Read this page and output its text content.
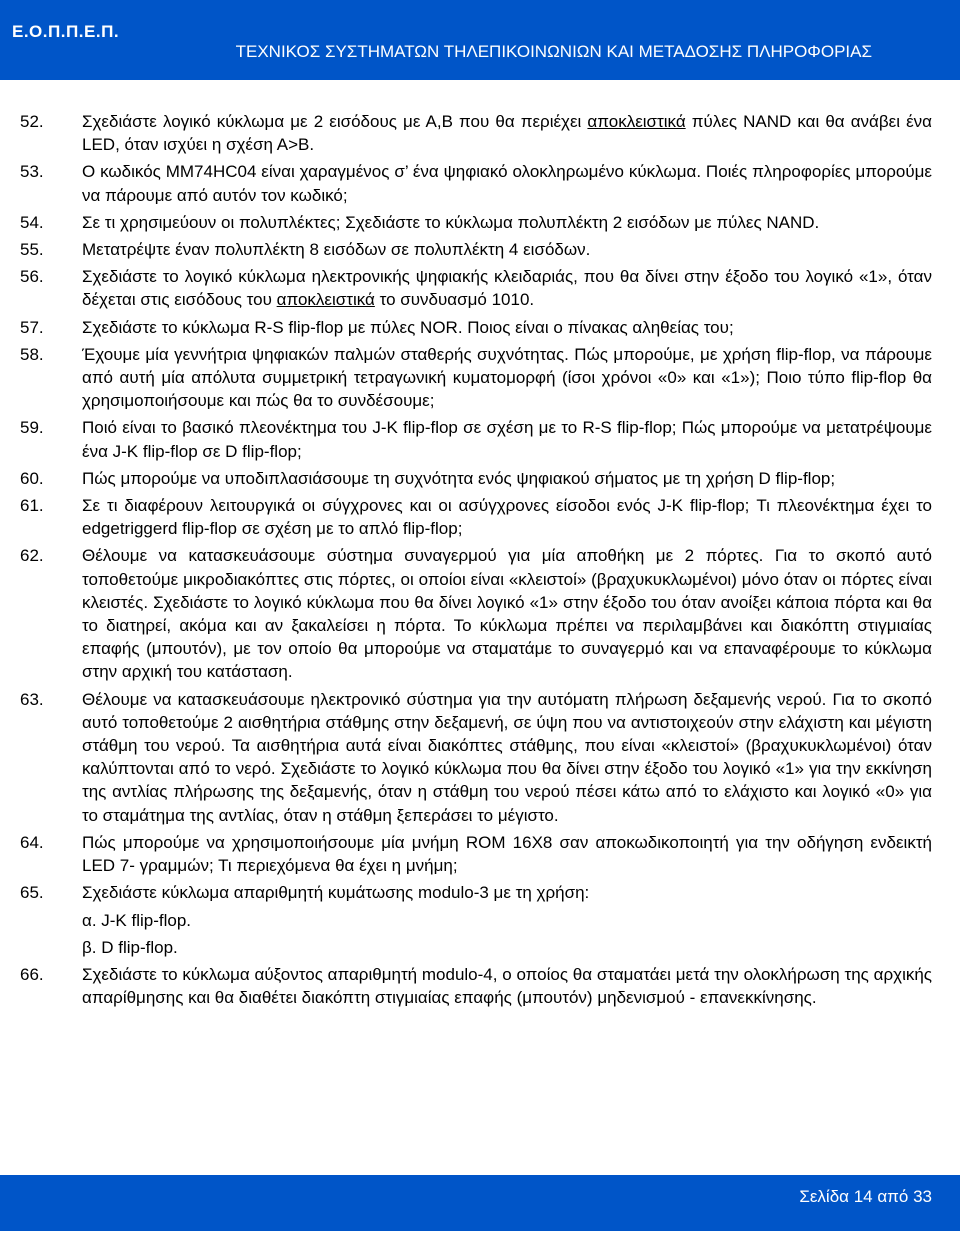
Ε.Ο.Π.Π.Ε.Π.
ΤΕΧΝΙΚΟΣ ΣΥΣΤΗΜΑΤΩΝ ΤΗΛΕΠΙΚΟΙΝΩΝΙΩΝ ΚΑΙ ΜΕΤΑΔΟΣΗΣ ΠΛΗΡΟΦΟΡΙΑΣ
52.	Σχεδιάστε λογικό κύκλωμα με 2 εισόδους με Α,Β που θα περιέχει αποκλειστικά πύλες NAND και θα ανάβει ένα LED, όταν ισχύει η σχέση Α>Β.
53.	Ο κωδικός MM74HC04 είναι χαραγμένος σ’ ένα ψηφιακό ολοκληρωμένο κύκλωμα. Ποιές πληροφορίες μπορούμε να πάρουμε από αυτόν τον κωδικό;
54.	Σε τι χρησιμεύουν οι πολυπλέκτες; Σχεδιάστε το κύκλωμα πολυπλέκτη 2 εισόδων με πύλες NAND.
55.	Μετατρέψτε έναν πολυπλέκτη 8 εισόδων σε πολυπλέκτη 4 εισόδων.
56.	Σχεδιάστε το λογικό κύκλωμα ηλεκτρονικής ψηφιακής κλειδαριάς, που θα δίνει στην έξοδο του λογικό «1», όταν δέχεται στις εισόδους του αποκλειστικά το συνδυασμό 1010.
57.	Σχεδιάστε το κύκλωμα R-S flip-flop με πύλες NOR. Ποιος είναι ο πίνακας αληθείας του;
58.	Έχουμε μία γεννήτρια ψηφιακών παλμών σταθερής συχνότητας. Πώς μπορούμε, με χρήση flip-flop, να πάρουμε από αυτή μία απόλυτα συμμετρική τετραγωνική κυματομορφή (ίσοι χρόνοι «0» και «1»); Ποιο τύπο flip-flop θα χρησιμοποιήσουμε και πώς θα το συνδέσουμε;
59.	Ποιό είναι το βασικό πλεονέκτημα του J-K flip-flop σε σχέση με το R-S flip-flop; Πώς μπορούμε να μετατρέψουμε ένα J-K flip-flop σε D flip-flop;
60.	Πώς μπορούμε να υποδιπλασιάσουμε τη συχνότητα ενός ψηφιακού σήματος με τη χρήση D flip-flop;
61.	Σε τι διαφέρουν λειτουργικά οι σύγχρονες και οι ασύγχρονες είσοδοι ενός J-K flip-flop; Τι πλεονέκτημα έχει το edgetriggerd flip-flop σε σχέση με το απλό flip-flop;
62.	Θέλουμε να κατασκευάσουμε σύστημα συναγερμού για μία αποθήκη με 2 πόρτες. Για το σκοπό αυτό τοποθετούμε μικροδιακόπτες στις πόρτες, οι οποίοι είναι «κλειστοί» (βραχυκυκλωμένοι) μόνο όταν οι πόρτες είναι κλειστές. Σχεδιάστε το λογικό κύκλωμα που θα δίνει λογικό «1» στην έξοδο του όταν ανοίξει κάποια πόρτα και θα το διατηρεί, ακόμα και αν ξακαλείσει η πόρτα. Το κύκλωμα πρέπει να περιλαμβάνει και διακόπτη στιγμιαίας επαφής (μπουτόν), με τον οποίο θα μπορούμε να σταματάμε το συναγερμό και να επαναφέρουμε το κύκλωμα στην αρχική του κατάσταση.
63.	Θέλουμε να κατασκευάσουμε ηλεκτρονικό σύστημα για την αυτόματη πλήρωση δεξαμενής νερού. Για το σκοπό αυτό τοποθετούμε 2 αισθητήρια στάθμης στην δεξαμενή, σε ύψη που να αντιστοιχεούν στην ελάχιστη και μέγιστη στάθμη του νερού. Τα αισθητήρια αυτά είναι διακόπτες στάθμης, που είναι «κλειστοί» (βραχυκυκλωμένοι) όταν καλύπτονται από το νερό. Σχεδιάστε το λογικό κύκλωμα που θα δίνει στην έξοδο του λογικό «1» για την εκκίνηση της αντλίας πλήρωσης της δεξαμενής, όταν η στάθμη του νερού πέσει κάτω από το ελάχιστο και λογικό «0» για το σταμάτημα της αντλίας, όταν η στάθμη ξεπεράσει το μέγιστο.
64.	Πώς μπορούμε να χρησιμοποιήσουμε μία μνήμη ROM 16X8 σαν αποκωδικοποιητή για την οδήγηση ενδεικτή LED 7- γραμμών; Τι περιεχόμενα θα έχει η μνήμη;
65.	Σχεδιάστε κύκλωμα απαριθμητή κυμάτωσης modulo-3 με τη χρήση:
α. J-K flip-flop.
β. D flip-flop.
66.	Σχεδιάστε το κύκλωμα αύξοντος απαριθμητή modulo-4, ο οποίος θα σταματάει μετά την ολοκλήρωση της αρχικής απαρίθμησης και θα διαθέτει διακόπτη στιγμιαίας επαφής (μπουτόν) μηδενισμού - επανεκκίνησης.
Σελίδα 14 από 33
